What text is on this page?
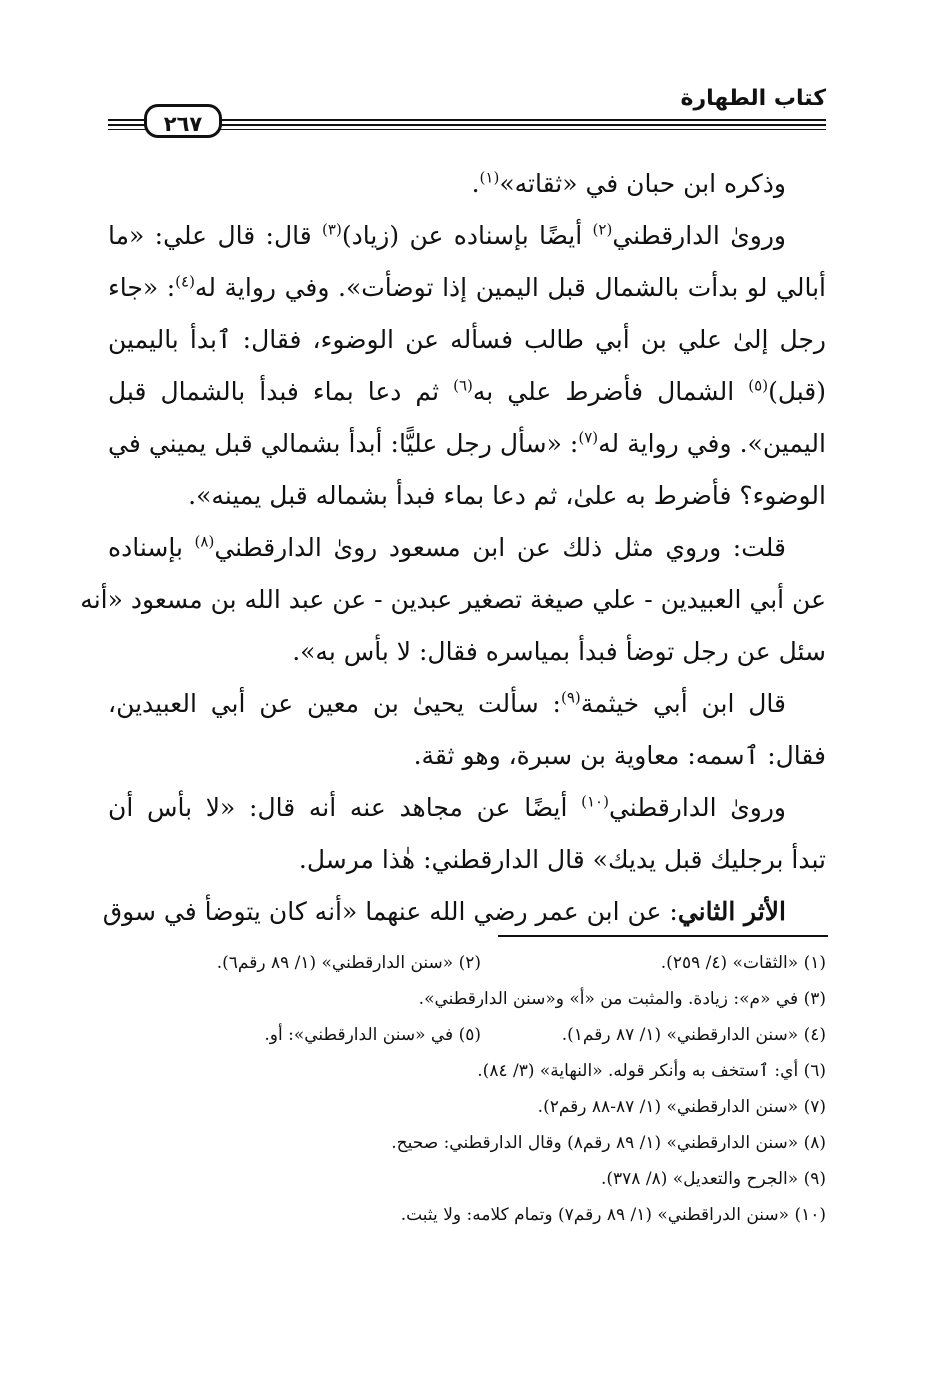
كتاب الطهارة
٢٦٧
وذكره ابن حبان في «ثقاته»$^{(١)}$.
وروىٰ الدارقطني$^{(٢)}$ أيضًا بإسناده عن (زياد)$^{(٣)}$ قال: قال علي: «ما
أبالي لو بدأت بالشمال قبل اليمين إذا توضأت». وفي رواية له$^{(٤)}$: «جاء
رجل إلىٰ علي بن أبي طالب فسأله عن الوضوء، فقال: ٱبدأ باليمين
(قبل)$^{(٥)}$ الشمال فأضرط علي به$^{(٦)}$ ثم دعا بماء فبدأ بالشمال قبل
اليمين». وفي رواية له$^{(٧)}$: «سأل رجل عليًّا: أبدأ بشمالي قبل يميني في
الوضوء؟ فأضرط به علىٰ، ثم دعا بماء فبدأ بشماله قبل يمينه».
قلت: وروي مثل ذلك عن ابن مسعود روىٰ الدارقطني$^{(٨)}$ بإسناده
عن أبي العبيدين - علي صيغة تصغير عبدين - عن عبد الله بن مسعود «أنه
سئل عن رجل توضأ فبدأ بمياسره فقال: لا بأس به».
قال ابن أبي خيثمة$^{(٩)}$: سألت يحيىٰ بن معين عن أبي العبيدين،
فقال: ٱسمه: معاوية بن سبرة، وهو ثقة.
وروىٰ الدارقطني$^{(١٠)}$ أيضًا عن مجاهد عنه أنه قال: «لا بأس أن
تبدأ برجليك قبل يديك» قال الدارقطني: هٰذا مرسل.
الأثر الثاني: عن ابن عمر رضي الله عنهما «أنه كان يتوضأ في سوق
(١) «الثقات» (٤/ ٢٥٩).
(٢) «سنن الدارقطني» (١/ ٨٩ رقم٦).
(٣) في «م»: زيادة. والمثبت من «أ» و«سنن الدارقطني».
(٤) «سنن الدارقطني» (١/ ٨٧ رقم١).
(٥) في «سنن الدارقطني»: أو.
(٦) أي: ٱستخف به وأنكر قوله. «النهاية» (٣/ ٨٤).
(٧) «سنن الدارقطني» (١/ ٨٧-٨٨ رقم٢).
(٨) «سنن الدارقطني» (١/ ٨٩ رقم٨) وقال الدارقطني: صحيح.
(٩) «الجرح والتعديل» (٨/ ٣٧٨).
(١٠) «سنن الدراقطني» (١/ ٨٩ رقم٧) وتمام كلامه: ولا يثبت.
